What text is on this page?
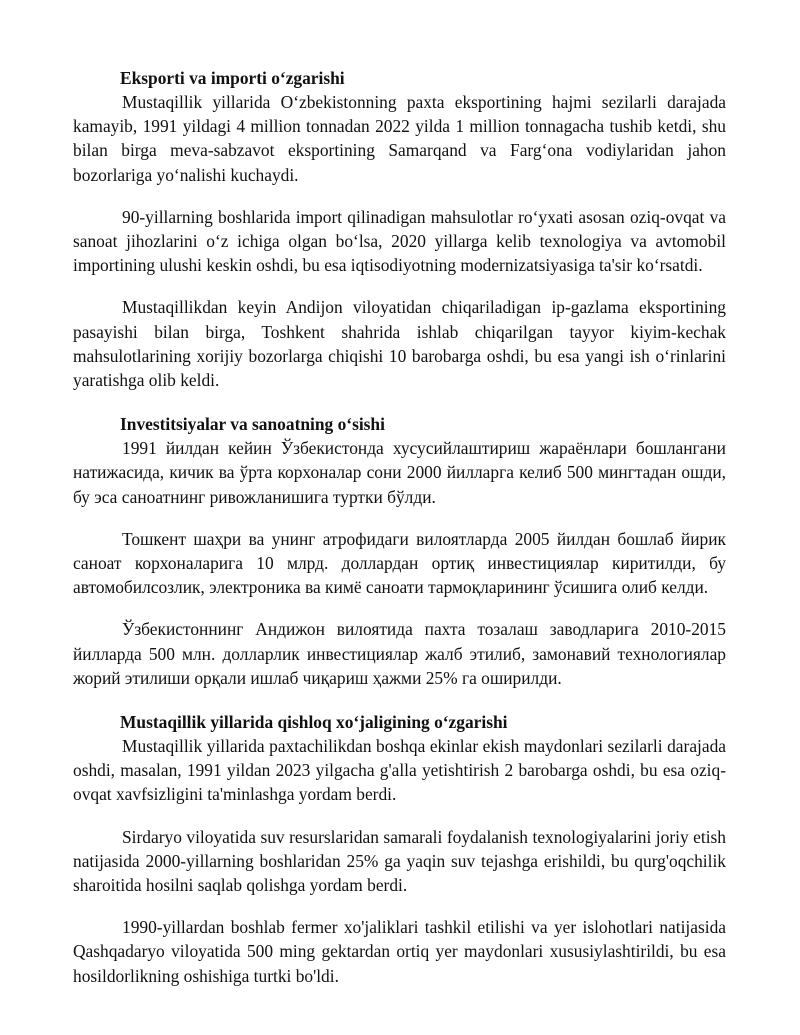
Eksporti va importi o‘zgarishi

Mustaqillik yillarida O‘zbekistonning paxta eksportining hajmi sezilarli darajada kamayib, 1991 yildagi 4 million tonnadan 2022 yilda 1 million tonnagacha tushib ketdi, shu bilan birga meva-sabzavot eksportining Samarqand va Farg‘ona vodiylaridan jahon bozorlariga yo‘nalishi kuchaydi.

90-yillarning boshlarida import qilinadigan mahsulotlar ro‘yxati asosan oziq-ovqat va sanoat jihozlarini o‘z ichiga olgan bo‘lsa, 2020 yillarga kelib texnologiya va avtomobil importining ulushi keskin oshdi, bu esa iqtisodiyotning modernizatsiyasiga ta'sir ko‘rsatdi.

Mustaqillikdan keyin Andijon viloyatidan chiqariladigan ip-gazlama eksportining pasayishi bilan birga, Toshkent shahrida ishlab chiqarilgan tayyor kiyim-kechak mahsulotlarining xorijiy bozorlarga chiqishi 10 barobarga oshdi, bu esa yangi ish o‘rinlarini yaratishga olib keldi.

Investitsiyalar va sanoatning o‘sishi

1991 йилдан кейин Ўзбекистонда хусусийлаштириш жараёнлари бошлангани натижасида, кичик ва ўрта корхоналар сони 2000 йилларга келиб 500 мингтадан ошди, бу эса саноатнинг ривожланишига туртки бўлди.

Тошкент шаҳри ва унинг атрофидаги вилоятларда 2005 йилдан бошлаб йирик саноат корхоналарига 10 млрд. доллардан ортиқ инвестициялар киритилди, бу автомобилсозлик, электроника ва кимё саноати тармоқларининг ўсишига олиб келди.

Ўзбекистоннинг Андижон вилоятида пахта тозалаш заводларига 2010-2015 йилларда 500 млн. долларлик инвестициялар жалб этилиб, замонавий технологиялар жорий этилиши орқали ишлаб чиқариш ҳажми 25% га оширилди.

Mustaqillik yillarida qishloq xo‘jaligining o‘zgarishi

Mustaqillik yillarida paxtachilikdan boshqa ekinlar ekish maydonlari sezilarli darajada oshdi, masalan, 1991 yildan 2023 yilgacha g'alla yetishtirish 2 barobarga oshdi, bu esa oziq-ovqat xavfsizligini ta'minlashga yordam berdi.

Sirdaryo viloyatida suv resurslaridan samarali foydalanish texnologiyalarini joriy etish natijasida 2000-yillarning boshlaridan 25% ga yaqin suv tejashga erishildi, bu qurg'oqchilik sharoitida hosilni saqlab qolishga yordam berdi.

1990-yillardan boshlab fermer xo'jaliklari tashkil etilishi va yer islohotlari natijasida Qashqadaryo viloyatida 500 ming gektardan ortiq yer maydonlari xususiylashtirildi, bu esa hosildorlikning oshishiga turtki bo'ldi.
